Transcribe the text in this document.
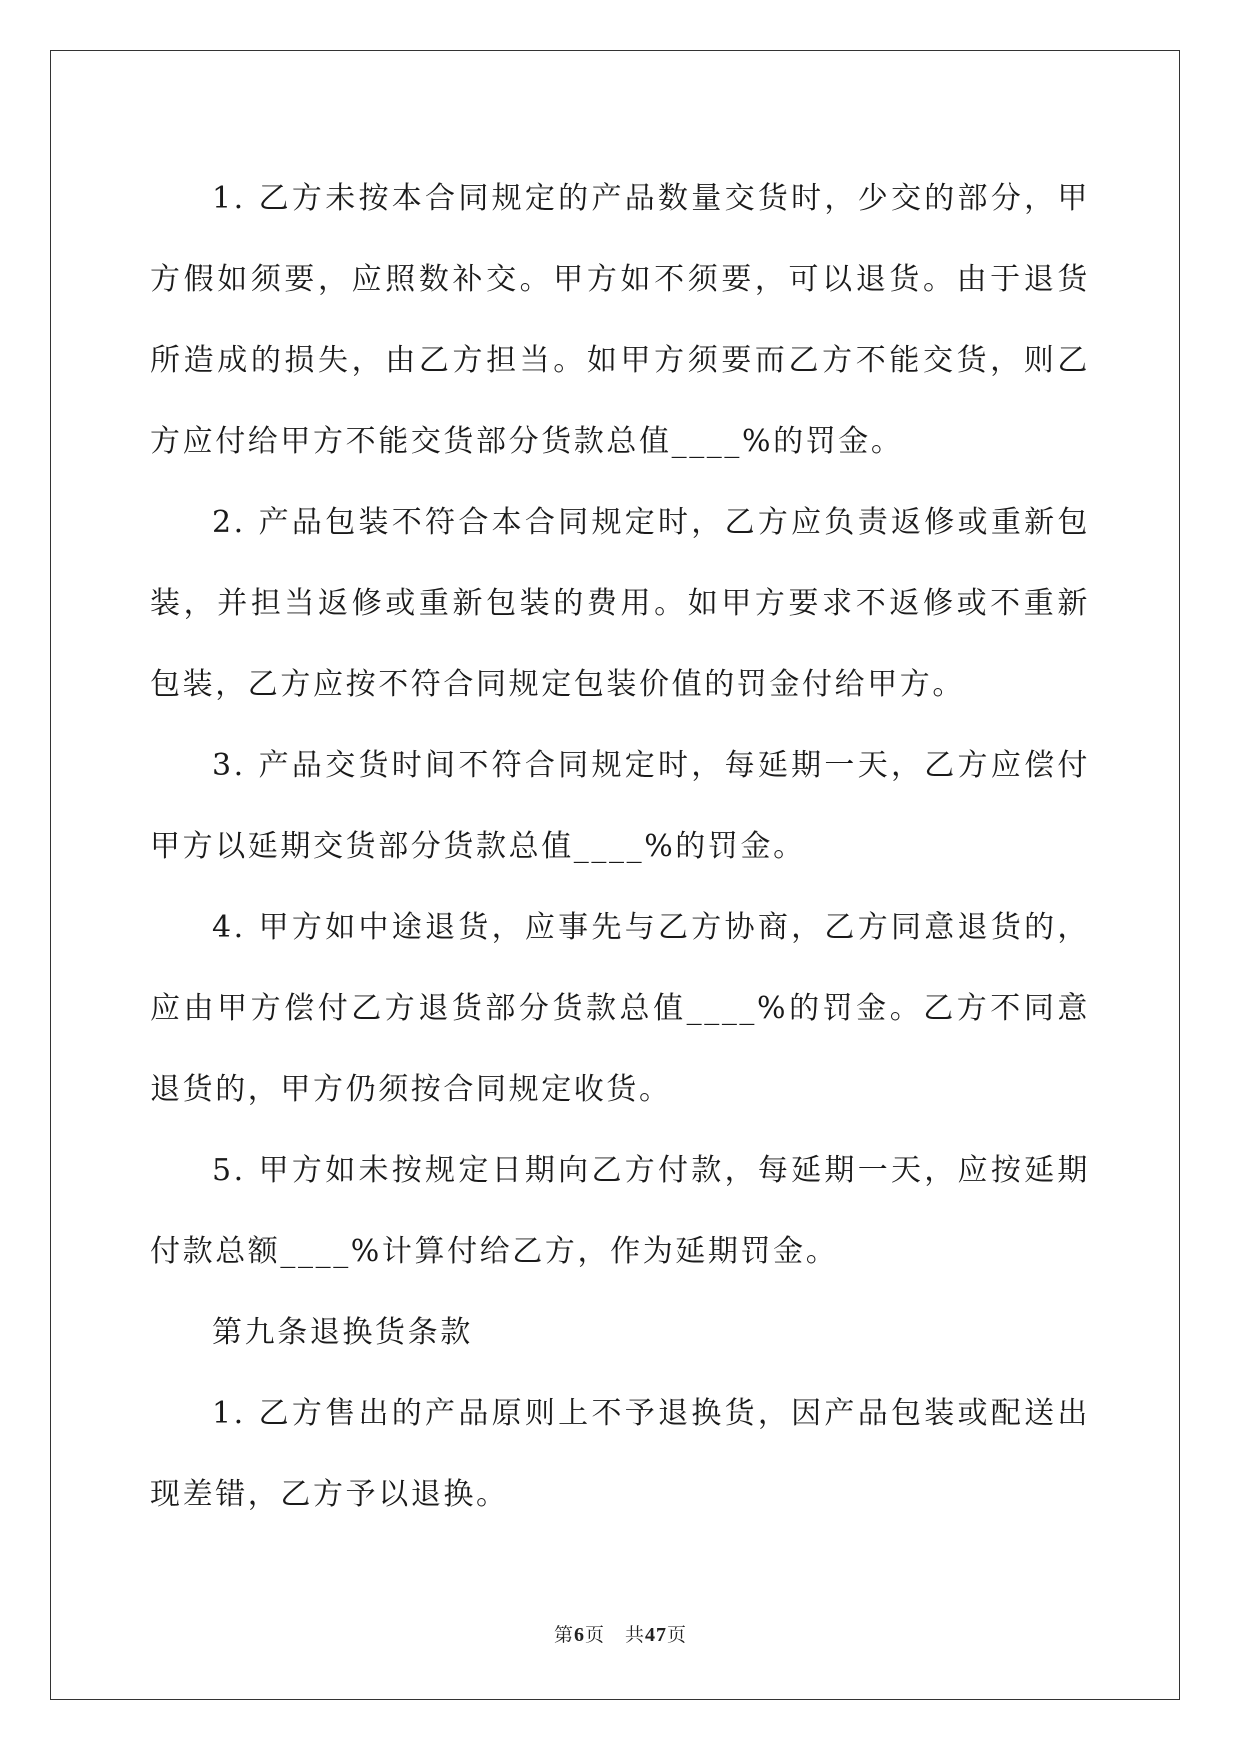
1. 乙方未按本合同规定的产品数量交货时，少交的部分，甲方假如须要，应照数补交。甲方如不须要，可以退货。由于退货所造成的损失，由乙方担当。如甲方须要而乙方不能交货，则乙方应付给甲方不能交货部分货款总值____%的罚金。

2. 产品包装不符合本合同规定时，乙方应负责返修或重新包装，并担当返修或重新包装的费用。如甲方要求不返修或不重新包装，乙方应按不符合同规定包装价值的罚金付给甲方。

3. 产品交货时间不符合同规定时，每延期一天，乙方应偿付甲方以延期交货部分货款总值____%的罚金。

4. 甲方如中途退货，应事先与乙方协商，乙方同意退货的，应由甲方偿付乙方退货部分货款总值____%的罚金。乙方不同意退货的，甲方仍须按合同规定收货。

5. 甲方如未按规定日期向乙方付款，每延期一天，应按延期付款总额____%计算付给乙方，作为延期罚金。

第九条退换货条款

1. 乙方售出的产品原则上不予退换货，因产品包装或配送出现差错，乙方予以退换。

第6页 共47页
